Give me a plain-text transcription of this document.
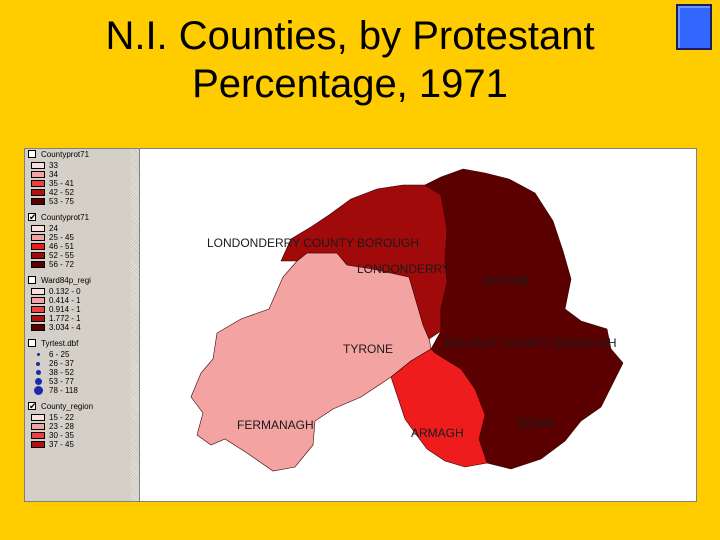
N.I. Counties, by Protestant
Percentage, 1971
Countyprot71
33
34
35 - 41
42 - 52
53 - 75
✔ Countyprot71
24
25 - 45
46 - 51
52 - 55
56 - 72
Ward84p_regi
0.132 - 0
0.414 - 1
0.914 - 1
1.772 - 1
3.034 - 4
Tyrtest.dbf
6 - 25
26 - 37
38 - 52
53 - 77
78 - 118
✔ County_region
15 - 22
23 - 28
30 - 35
37 - 45
LONDONDERRY COUNTY BOROUGH
LONDONDERRY
ANTRIM
TYRONE	BELFAST COUNTY BOROUGH
FERMANAGH
ARMAGH
DOWN
